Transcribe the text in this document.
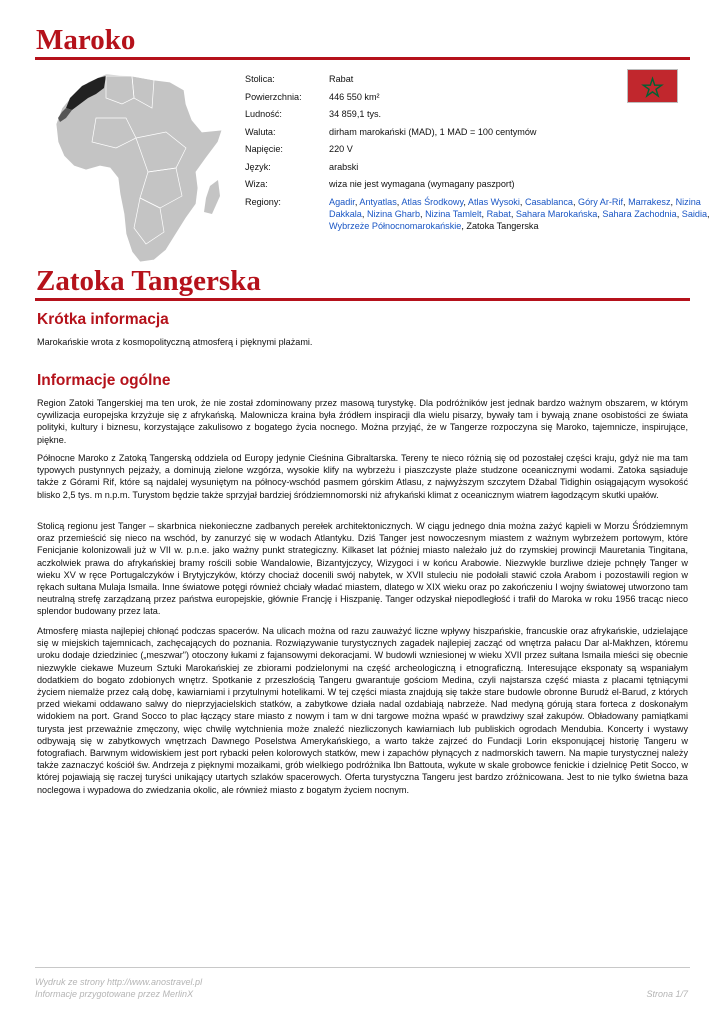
Maroko
Stolica:	Rabat
Powierzchnia:	446 550 km²
Ludność:	34 859,1 tys.
Waluta:	dirham marokański (MAD), 1 MAD = 100 centymów
Napięcie:	220 V
Język:	arabski
Wiza:	wiza nie jest wymagana (wymagany paszport)
Regiony:	Agadir, Antyatlas, Atlas Środkowy, Atlas Wysoki, Casablanca, Góry Ar-Rif, Marrakesz, Nizina Dakkala, Nizina Gharb, Nizina Tamlelt, Rabat, Sahara Marokańska, Sahara Zachodnia, Saidia, Wybrzeże Północnomarokańskie, Zatoka Tangerska
Zatoka Tangerska
Krótka informacja

Marokańskie wrota z kosmopolityczną atmosferą i pięknymi plażami.

Informacje ogólne

Region Zatoki Tangerskiej ma ten urok, że nie został zdominowany przez masową turystykę. Dla podróżników jest jednak bardzo ważnym obszarem, w którym cywilizacja europejska krzyżuje się z afrykańską. Malownicza kraina była źródłem inspiracji dla wielu pisarzy, bywały tam i bywają znane osobistości ze świata polityki, kultury i biznesu, korzystające zakulisowo z bogatego życia nocnego. Można przyjąć, że w Tangerze rozpoczyna się Maroko, tajemnicze, inspirujące, piękne.

Północne Maroko z Zatoką Tangerską oddziela od Europy jedynie Cieśnina Gibraltarska. Tereny te nieco różnią się od pozostałej części kraju, gdyż nie ma tam typowych pustynnych pejzaży, a dominują zielone wzgórza, wysokie klify na wybrzeżu i piaszczyste plaże studzone oceanicznymi wodami. Zatoka sąsiaduje także z Górami Rif, które są najdalej wysuniętym na północy-wschód pasmem górskim Atlasu, z najwyższym szczytem Džabal Tidighin osiągającym wysokość blisko 2,5 tys. m n.p.m. Turystom będzie także sprzyjał bardziej śródziemnomorski niż afrykański klimat z oceanicznym wiatrem łagodzącym skutki upałów.

Stolicą regionu jest Tanger – skarbnica niekonieczne zadbanych perełek architektonicznych. W ciągu jednego dnia można zażyć kąpieli w Morzu Śródziemnym oraz przemieścić się nieco na wschód, by zanurzyć się w wodach Atlantyku. Dziś Tanger jest nowoczesnym miastem z ważnym wybrzeżem portowym, które Fenicjanie kolonizowali już w VII w. p.n.e. jako ważny punkt strategiczny. Kilkaset lat później miasto należało już do rzymskiej prowincji Mauretania Tingitana, aczkolwiek prawa do afrykańskiej bramy rościli sobie Wandalowie, Bizantyjczycy, Wizygoci i w końcu Arabowie. Niezwykle burzliwe dzieje pchnęły Tanger w wieku XV w ręce Portugalczyków i Brytyjczyków, którzy chociaż docenili swój nabytek, w XVII stuleciu nie podołali stawić czoła Arabom i pozostawili region w rękach sułtana Mulaja Ismaila. Inne światowe potęgi również chciały władać miastem, dlatego w XIX wieku oraz po zakończeniu I wojny światowej utworzono tam neutralną strefę zarządzaną przez państwa europejskie, głównie Francję i Hiszpanię. Tanger odzyskał niepodległość i trafił do Maroka w roku 1956 tracąc nieco splendor budowany przez lata.

Atmosferę miasta najlepiej chłonąć podczas spacerów. Na ulicach można od razu zauważyć liczne wpływy hiszpańskie, francuskie oraz afrykańskie, udzielające się w miejskich tajemnicach, zachęcających do poznania. Rozwiązywanie turystycznych zagadek najlepiej zacząć od wnętrza pałacu Dar al-Makhzen, któremu uroku dodaje dziedziniec („meszwar") otoczony łukami z fajansowymi dekoracjami. W budowli wzniesionej w wieku XVII przez sułtana Ismaila mieści się obecnie niezwykle ciekawe Muzeum Sztuki Marokańskiej ze zbiorami podzielonymi na część archeologiczną i etnograficzną. Interesujące eksponaty są wspaniałym dodatkiem do bogato zdobionych wnętrz. Spotkanie z przeszłością Tangeru gwarantuje gościom Medina, czyli najstarsza część miasta z placami tętniącymi życiem niemalże przez całą dobę, kawiarniami i przytulnymi hotelikami. W tej części miasta znajdują się także stare budowle obronne Burudż el-Barud, z których przed wiekami oddawano salwy do nieprzyjacielskich statków, a zabytkowe działa nadal ozdabiają nabrzeże. Nad medyną górują stara forteca z doskonałym widokiem na port. Grand Socco to plac łączący stare miasto z nowym i tam w dni targowe można wpaść w prawdziwy szał zakupów. Obładowany pamiątkami turysta jest przeważnie zmęczony, więc chwilę wytchnienia może znaleźć niezliczonych kawiarniach lub publiskich ogrodach Mendubia. Koncerty i wystawy odbywają się w zabytkowych wnętrzach Dawnego Poselstwa Amerykańskiego, a warto także zajrzeć do Fundacji Lorin eksponującej historię Tangeru w fotografiach. Barwnym widowiskiem jest port rybacki pełen kolorowych statków, mew i zapachów płynących z nadmorskich tawern. Na mapie turystycznej należy także zaznaczyć kościół św. Andrzeja z pięknymi mozaikami, grób wielkiego podróżnika Ibn Battouta, wykute w skale grobowce fenickie i dzielnicę Petit Socco, w której pojawiają się raczej turyści unikający utartych szlaków spacerowych. Oferta turystyczna Tangeru jest bardzo zróżnicowana. Jest to nie tylko świetna baza noclegowa i wypadowa do zwiedzania okolic, ale również miasto z bogatym życiem nocnym.

Wydruk ze strony http://www.anostravel.pl
Informacje przygotowane przez MerlinX	Strona 1/7
